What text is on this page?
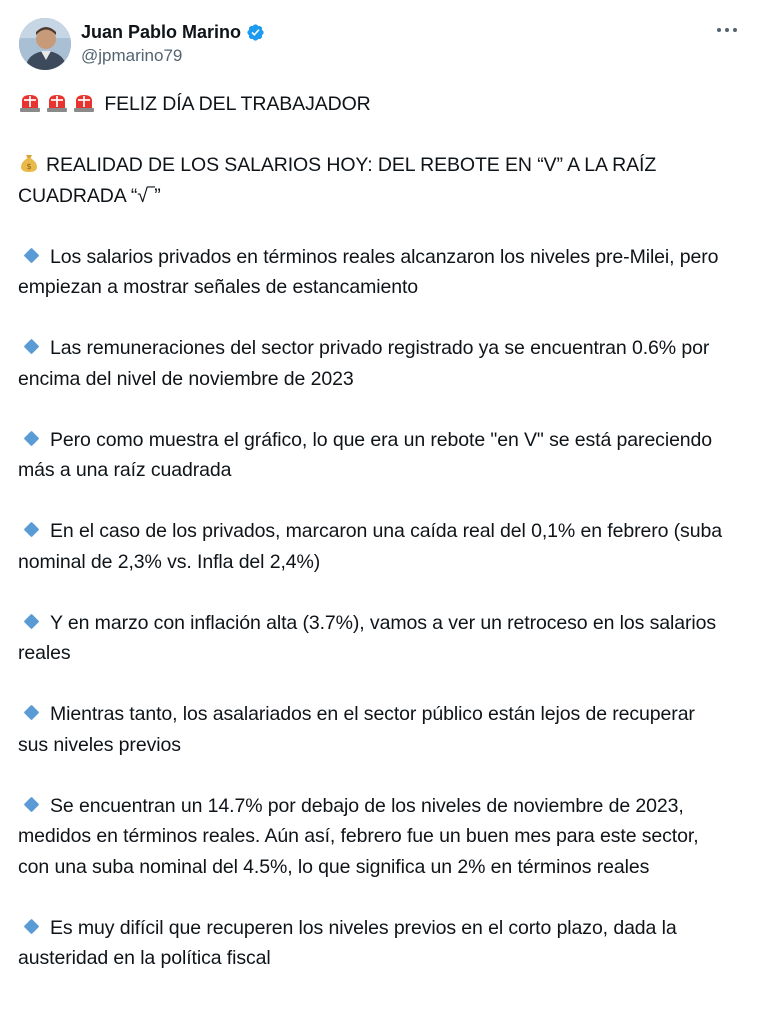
Juan Pablo Marino
@jpmarino79

FELIZ DÍA DEL TRABAJADOR

$ REALIDAD DE LOS SALARIOS HOY: DEL REBOTE EN “V” A LA RAÍZ CUADRADA “√‾”

Los salarios privados en términos reales alcanzaron los niveles pre-Milei, pero empiezan a mostrar señales de estancamiento

Las remuneraciones del sector privado registrado ya se encuentran 0.6% por encima del nivel de noviembre de 2023

Pero como muestra el gráfico, lo que era un rebote "en V" se está pareciendo más a una raíz cuadrada

En el caso de los privados, marcaron una caída real del 0,1% en febrero (suba nominal de 2,3% vs. Infla del 2,4%)

Y en marzo con inflación alta (3.7%), vamos a ver un retroceso en los salarios reales

Mientras tanto, los asalariados en el sector público están lejos de recuperar sus niveles previos

Se encuentran un 14.7% por debajo de los niveles de noviembre de 2023, medidos en términos reales. Aún así, febrero fue un buen mes para este sector, con una suba nominal del 4.5%, lo que significa un 2% en términos reales

Es muy difícil que recuperen los niveles previos en el corto plazo, dada la austeridad en la política fiscal
